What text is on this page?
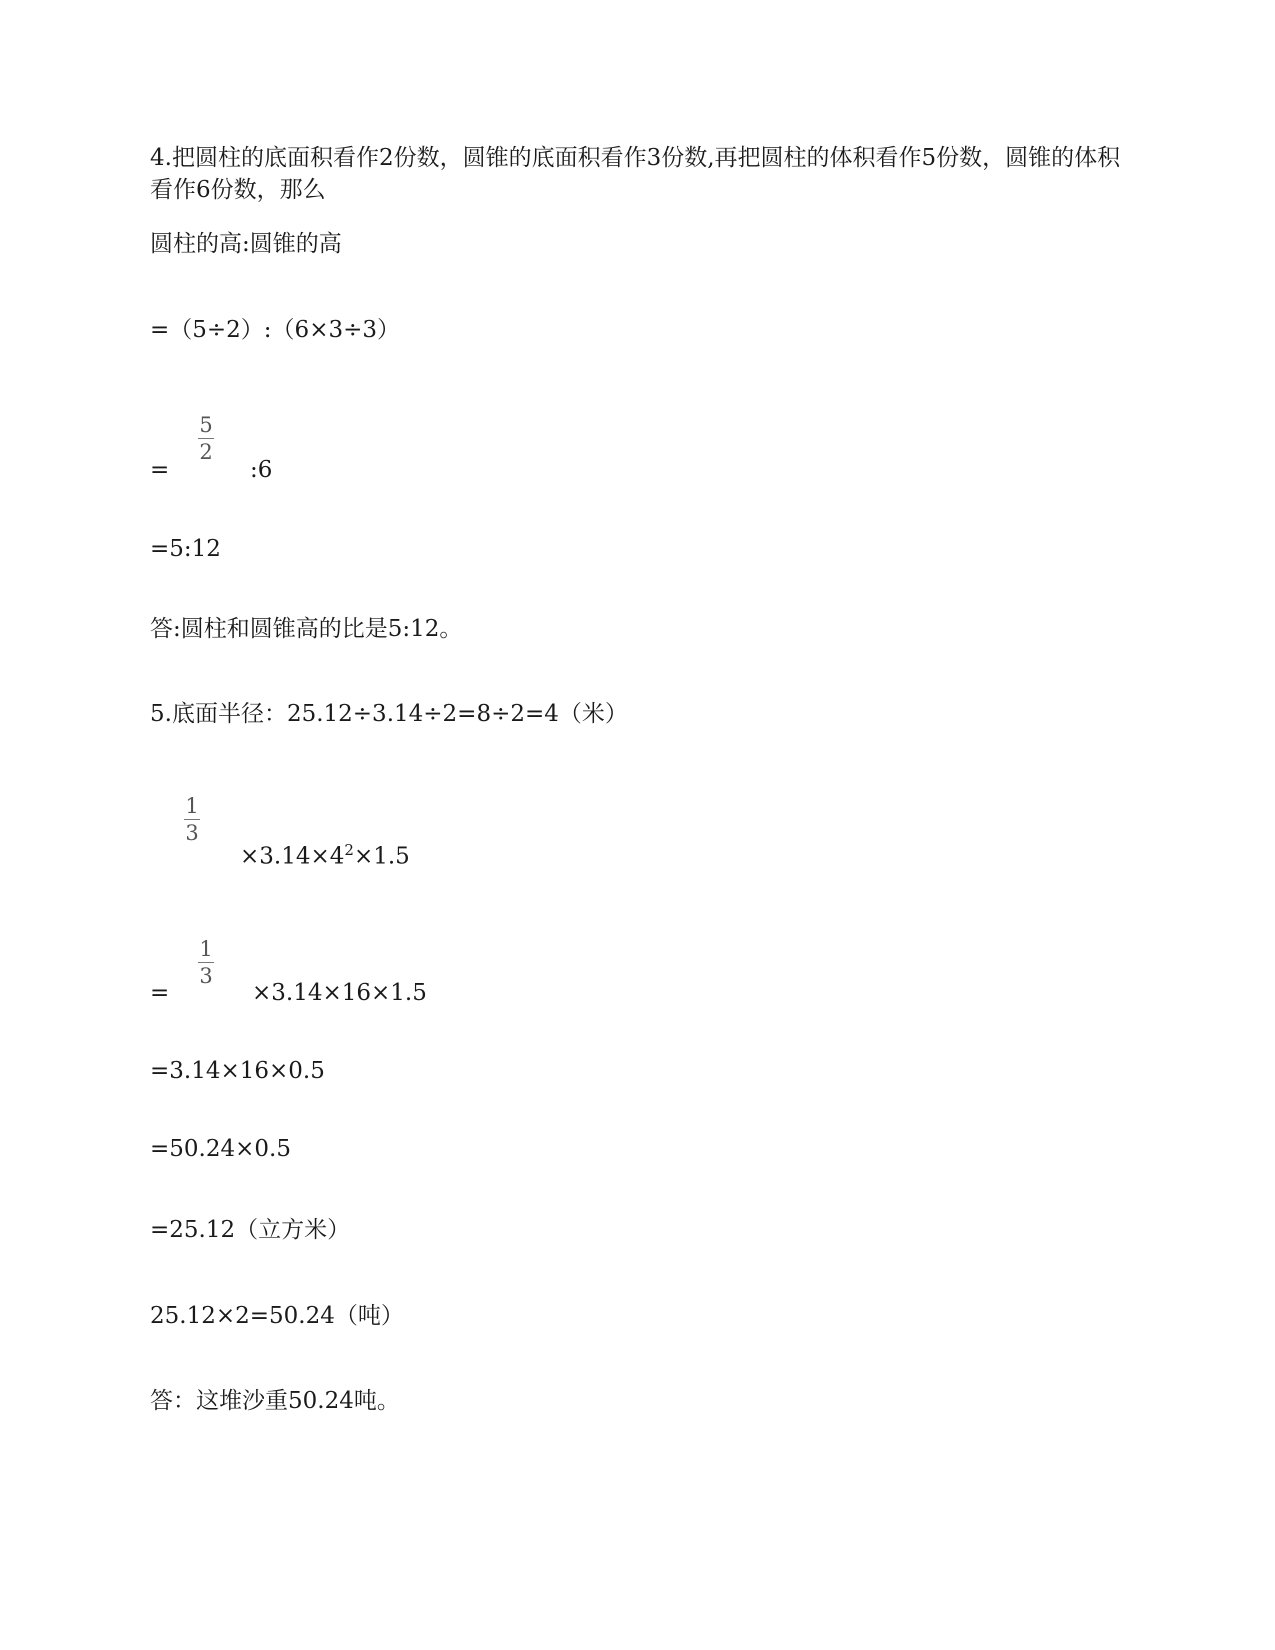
4.把圆柱的底面积看作2份数，圆锥的底面积看作3份数,再把圆柱的体积看作5份数，圆锥的体积看作6份数，那么
圆柱的高:圆锥的高
=（5÷2）:（6×3÷3）
=
5
2
:6
=5:12
答:圆柱和圆锥高的比是5:12。
5.底面半径：25.12÷3.14÷2=8÷2=4（米）
1
3
$\times 3.14\times 4^2\times 1.5$
=
1
3
×3.14×16×1.5
=3.14×16×0.5
=50.24×0.5
=25.12（立方米）
25.12×2=50.24（吨）
答：这堆沙重50.24吨。
